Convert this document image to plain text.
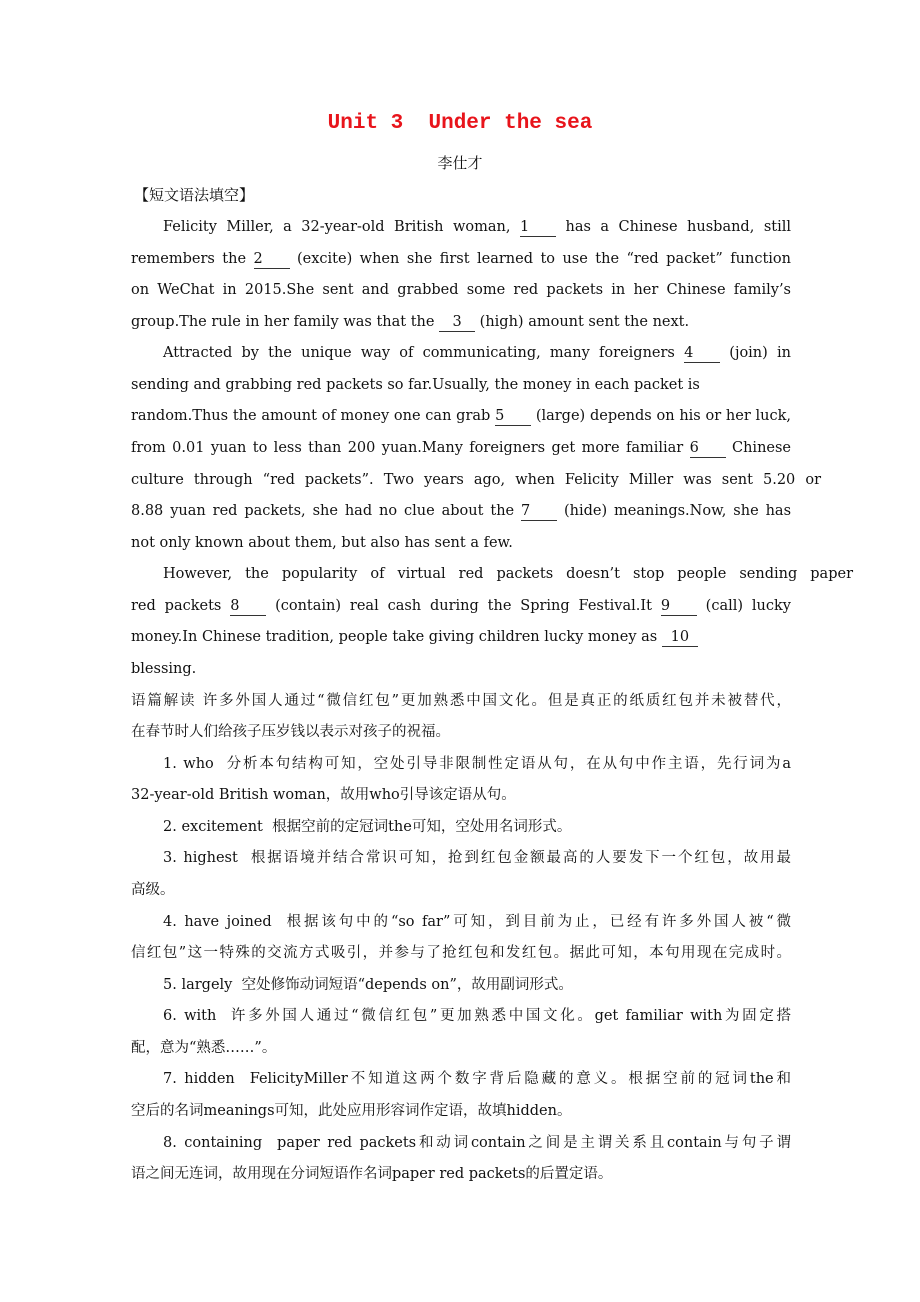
Unit 3  Under the sea
李仕才
【短文语法填空】
Felicity Miller, a 32-year-old British woman, 1 has a Chinese husband, still
remembers the 2 (excite) when she first learned to use the “red packet” function
on WeChat in 2015.She sent and grabbed some red packets in her Chinese family’s
group.The rule in her family was that the 3 (high) amount sent the next.
Attracted by the unique way of communicating, many foreigners 4 (join) in
sending and grabbing red packets so far.Usually, the money in each packet is
random.Thus the amount of money one can grab 5 (large) depends on his or her luck,
from 0.01 yuan to less than 200 yuan.Many foreigners get more familiar 6 Chinese
culture through “red packets”. Two years ago, when Felicity Miller was sent 5.20 or
8.88 yuan red packets, she had no clue about the 7 (hide) meanings.Now, she has
not only known about them, but also has sent a few.
However, the popularity of virtual red packets doesn’t stop people sending paper
red packets 8 (contain) real cash during the Spring Festival.It 9 (call) lucky
money.In Chinese tradition, people take giving children lucky money as 10
blessing.
语篇解读 许多外国人通过“微信红包”更加熟悉中国文化。但是真正的纸质红包并未被替代，
在春节时人们给孩子压岁钱以表示对孩子的祝福。
1. who  分析本句结构可知，空处引导非限制性定语从句，在从句中作主语，先行词为a
32-year-old British woman，故用who引导该定语从句。
2. excitement  根据空前的定冠词the可知，空处用名词形式。
3. highest  根据语境并结合常识可知，抢到红包金额最高的人要发下一个红包，故用最
高级。
4. have joined  根据该句中的“so far”可知，到目前为止，已经有许多外国人被“微
信红包”这一特殊的交流方式吸引，并参与了抢红包和发红包。据此可知，本句用现在完成时。
5. largely  空处修饰动词短语“depends on”，故用副词形式。
6. with  许多外国人通过“微信红包”更加熟悉中国文化。get familiar with为固定搭
配，意为“熟悉……”。
7. hidden  FelicityMiller不知道这两个数字背后隐藏的意义。根据空前的冠词the和
空后的名词meanings可知，此处应用形容词作定语，故填hidden。
8. containing  paper red packets和动词contain之间是主谓关系且contain与句子谓
语之间无连词，故用现在分词短语作名词paper red packets的后置定语。
